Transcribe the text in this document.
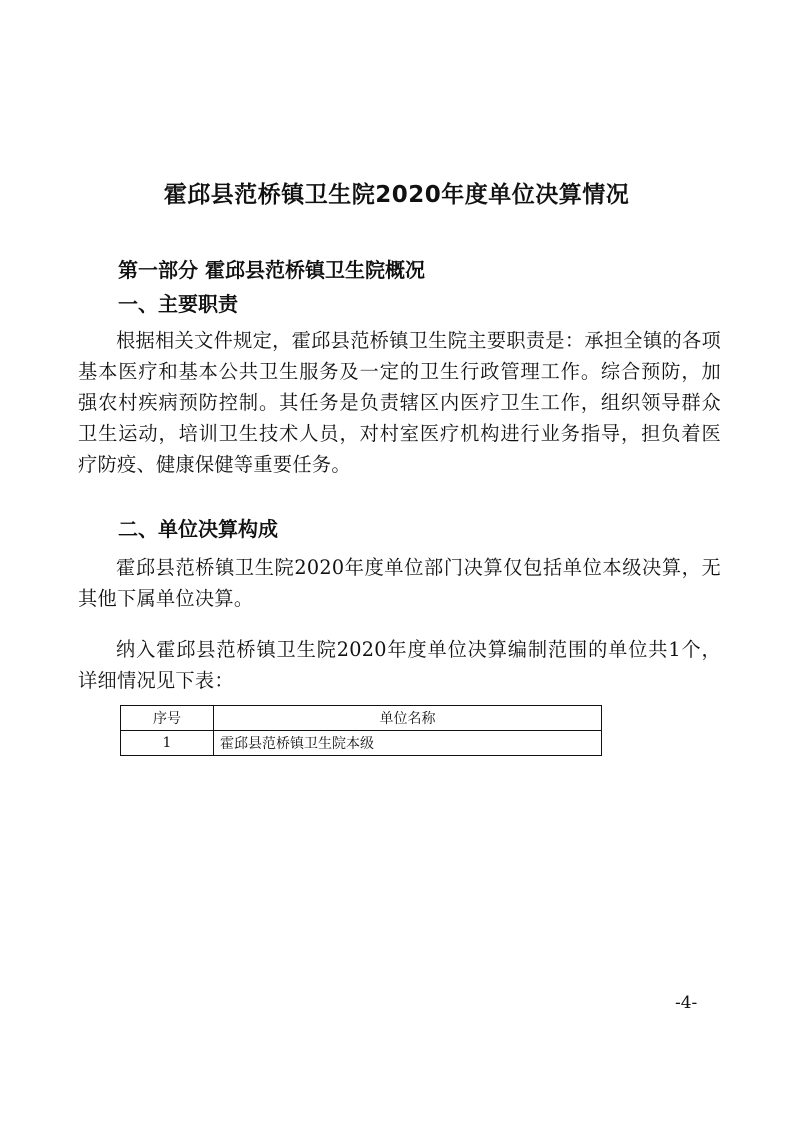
霍邱县范桥镇卫生院2020年度单位决算情况
第一部分 霍邱县范桥镇卫生院概况
一、主要职责

根据相关文件规定，霍邱县范桥镇卫生院主要职责是：承担全镇的各项基本医疗和基本公共卫生服务及一定的卫生行政管理工作。综合预防，加强农村疾病预防控制。其任务是负责辖区内医疗卫生工作，组织领导群众卫生运动，培训卫生技术人员，对村室医疗机构进行业务指导，担负着医疗防疫、健康保健等重要任务。

二、单位决算构成

霍邱县范桥镇卫生院2020年度单位部门决算仅包括单位本级决算，无其他下属单位决算。

纳入霍邱县范桥镇卫生院2020年度单位决算编制范围的单位共1个，详细情况见下表：

序号	单位名称
1	霍邱县范桥镇卫生院本级
-4-
